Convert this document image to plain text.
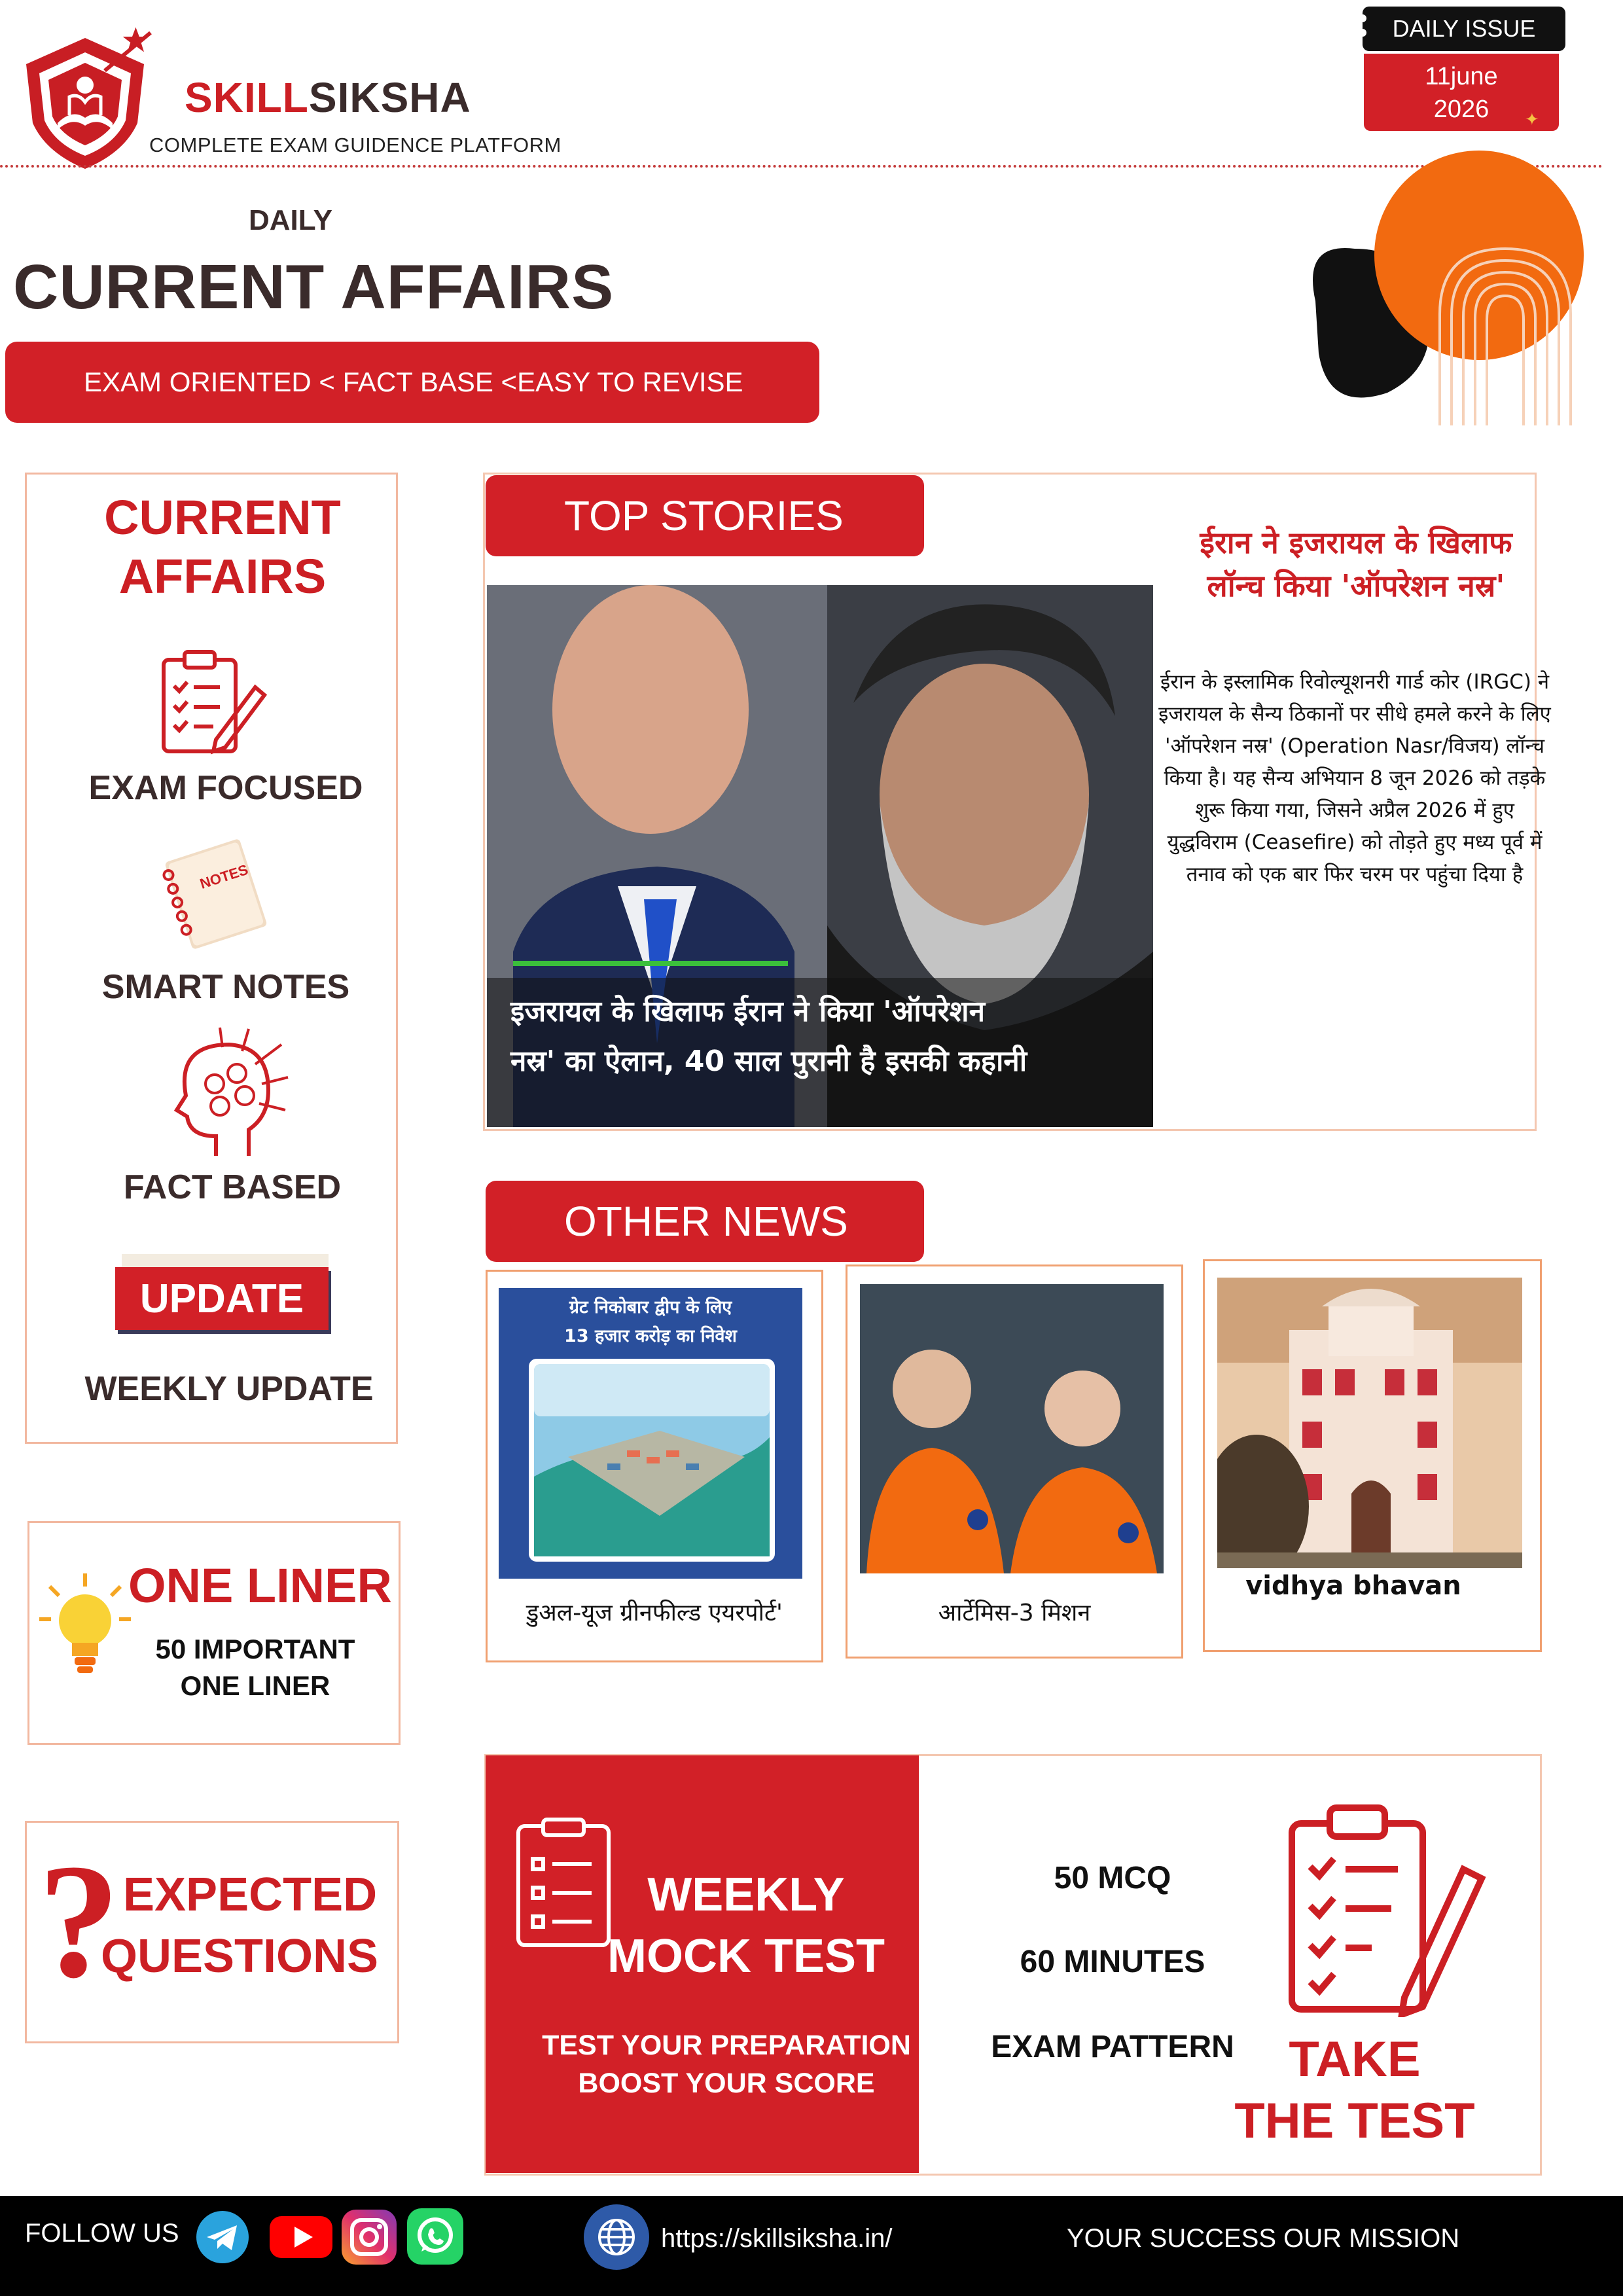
SKILLSIKSHA
COMPLETE EXAM GUIDENCE PLATFORM
DAILY ISSUE
11june
2026	✦
DAILY
CURRENT AFFAIRS
EXAM ORIENTED < FACT BASE <EASY TO REVISE
CURRENT
AFFAIRS
EXAM FOCUSED
NOTES
SMART NOTES
FACT BASED
UPDATE
WEEKLY UPDATE
ONE LINER
50 IMPORTANT
ONE LINER
? EXPECTED
QUESTIONS
TOP STORIES
इजरायल के खिलाफ ईरान ने किया 'ऑपरेशन
नस्र' का ऐलान, 40 साल पुरानी है इसकी कहानी
ईरान ने इजरायल के खिलाफ
लॉन्च किया 'ऑपरेशन नस्र'
ईरान के इस्लामिक रिवोल्यूशनरी गार्ड कोर (IRGC) ने इजरायल के सैन्य ठिकानों पर सीधे हमले करने के लिए 'ऑपरेशन नस्र' (Operation Nasr/विजय) लॉन्च किया है। यह सैन्य अभियान 8 जून 2026 को तड़के शुरू किया गया, जिसने अप्रैल 2026 में हुए युद्धविराम (Ceasefire) को तोड़ते हुए मध्य पूर्व में तनाव को एक बार फिर चरम पर पहुंचा दिया है
OTHER NEWS
ग्रेट निकोबार द्वीप के लिए
13 हजार करोड़ का निवेश
डुअल-यूज ग्रीनफील्ड एयरपोर्ट'	आर्टेमिस-3 मिशन
vidhya bhavan
WEEKLY
MOCK TEST
TEST YOUR PREPARATION
BOOST YOUR SCORE
50 MCQ
60 MINUTES
EXAM PATTERN	TAKE
THE TEST
FOLLOW US	https://skillsiksha.in/	YOUR SUCCESS OUR MISSION
